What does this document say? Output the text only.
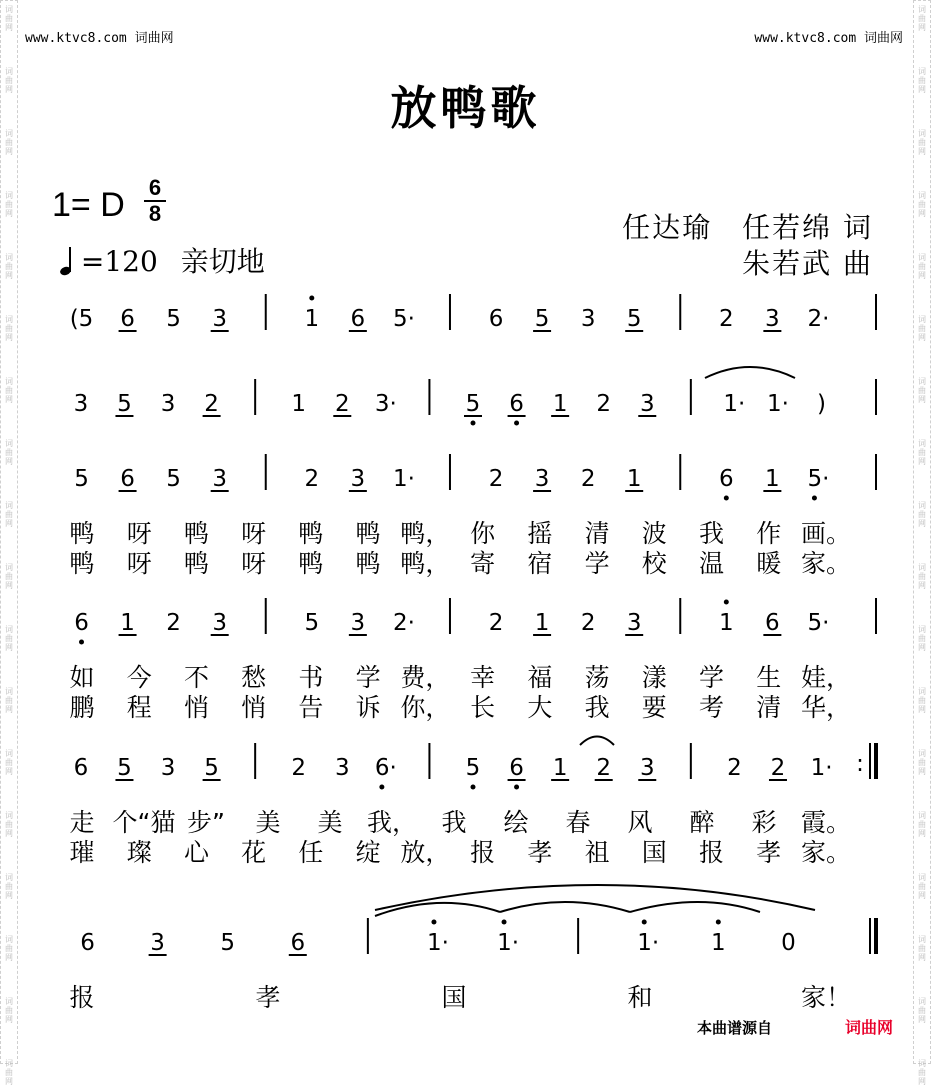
词
曲
网
词
曲
网
词
曲
网
词
曲
网
词
曲
网
词
曲
网
词
曲
网
词
曲
网
词
曲
网
词
曲
网
词
曲
网
词
曲
网
词
曲
网
词
曲
网
词
曲
网
词
曲
网
词
曲
网
词
曲
网
词
曲
网
词
曲
网
词
曲
网
词
曲
网
词
曲
网
词
曲
网
词
曲
网
词
曲
网
词
曲
网
词
曲
网
词
曲
网
词
曲
网
词
曲
网
词
曲
网
词
曲
网
词
曲
网
词
曲
网
词
曲
网
www.ktvc8.com 词曲网	www.ktvc8.com 词曲网
放鸭歌
1= D 6
8
=120 亲切地
任达瑜　任若绵 词
朱若武 曲
(5 6 5 3	1 6 5·	6 5 3 5	2 3 2·
3 5 3 2	1 2 3·	5 6 1 2 3	1· 1· )
5 6 5 3	2 3 1·	2 3 2 1	6 1 5·
鸭 呀 鸭 呀 鸭 鸭 鸭， 你 摇 清 波 我 作 画。
鸭 呀 鸭 呀 鸭 鸭 鸭， 寄 宿 学 校 温 暖 家。
6 1 2 3	5 3 2·	2 1 2 3	1 6 5·
如 今 不 愁 书 学 费， 幸 福 荡 漾 学 生 娃，
鹏 程 悄 悄 告 诉 你， 长 大 我 要 考 清 华，
6 5 3 5	2 3 6·	5 6 1 2 3	2 2 1· :
走 个“猫 步” 美 美 我， 我 绘 春 风 醉 彩 霞。
璀 璨 心 花 任 绽 放， 报 孝 祖 国 报 孝 家。
6 3 5 6	1· 1·	1· 1 0
报	孝	国	和	家！
本曲谱源自	词曲网
